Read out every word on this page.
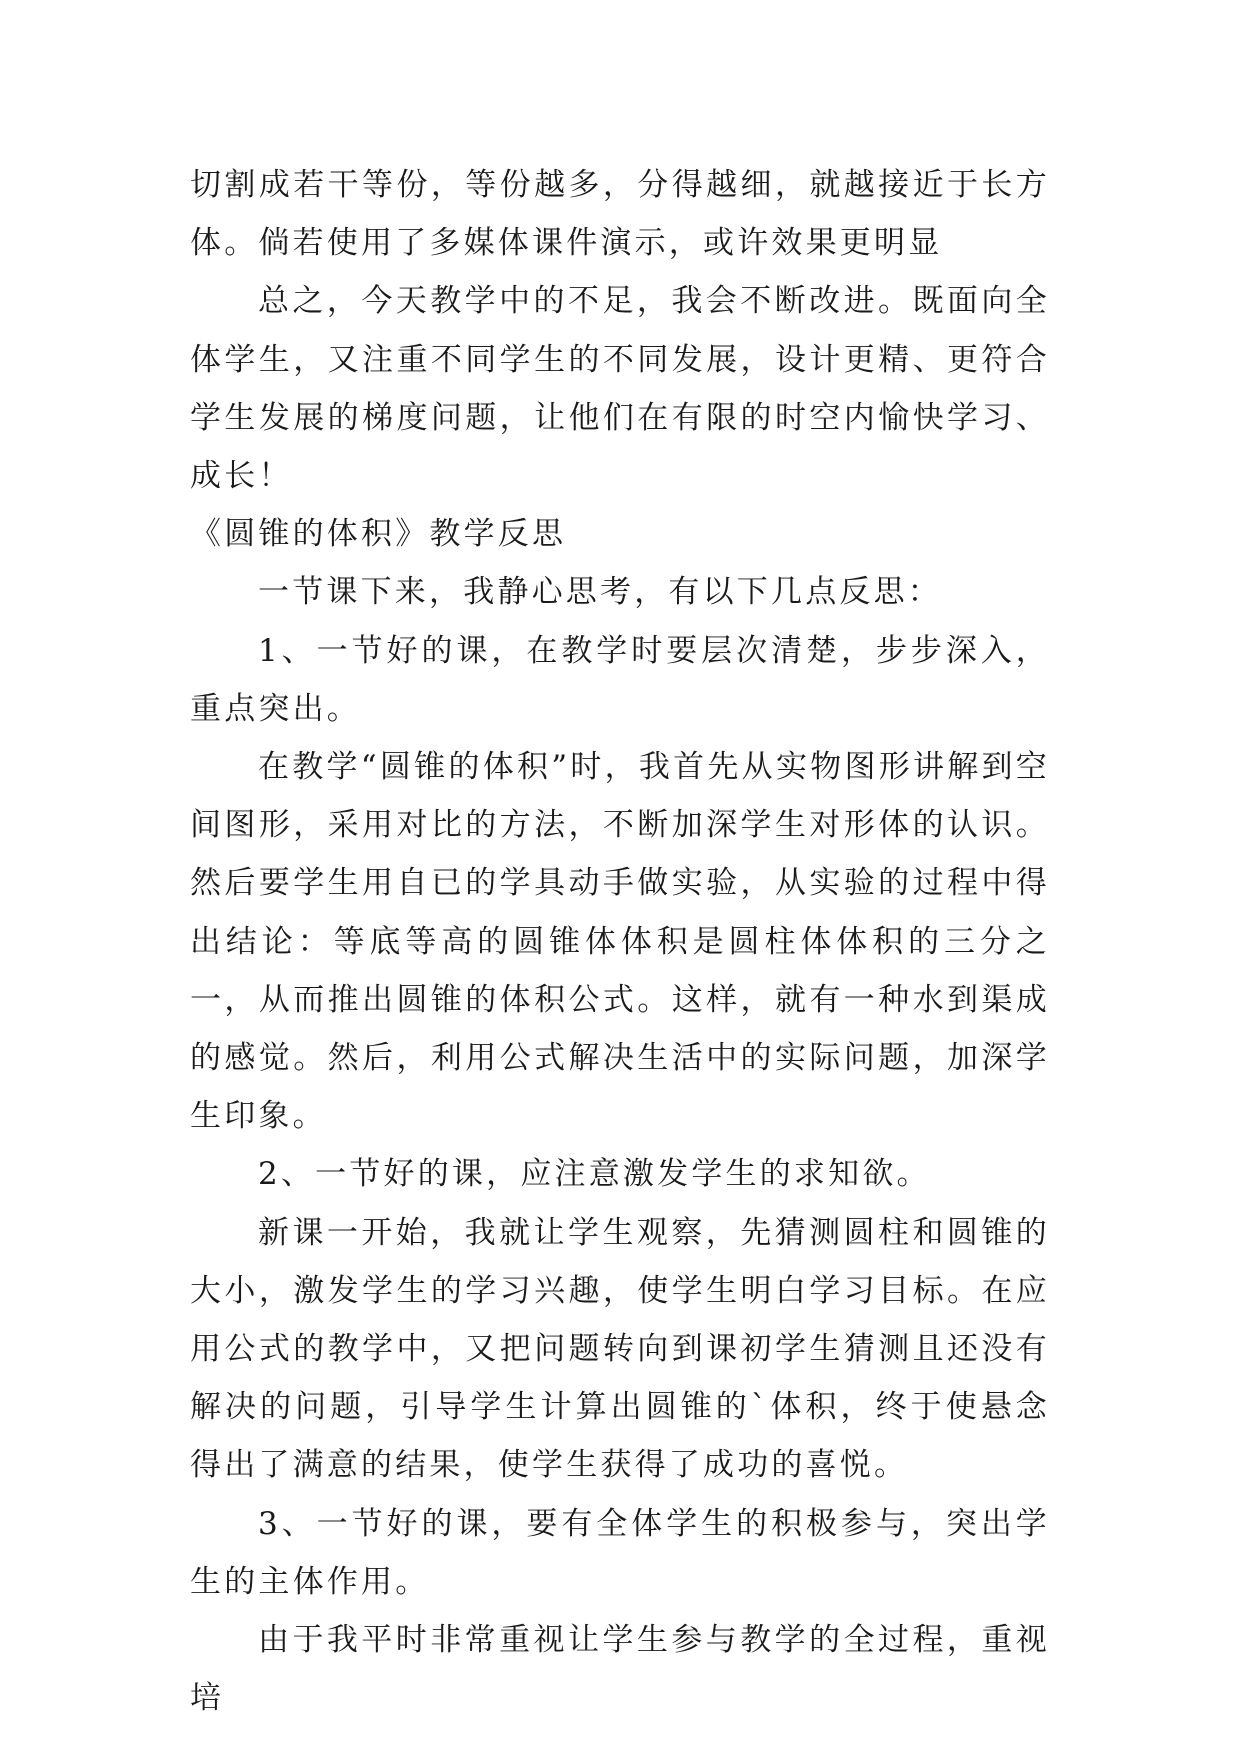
切割成若干等份，等份越多，分得越细，就越接近于长方体。倘若使用了多媒体课件演示，或许效果更明显

总之，今天教学中的不足，我会不断改进。既面向全体学生，又注重不同学生的不同发展，设计更精、更符合学生发展的梯度问题，让他们在有限的时空内愉快学习、成长！

《圆锥的体积》教学反思

一节课下来，我静心思考，有以下几点反思：

1、一节好的课，在教学时要层次清楚，步步深入，重点突出。

在教学“圆锥的体积”时，我首先从实物图形讲解到空间图形，采用对比的方法，不断加深学生对形体的认识。然后要学生用自已的学具动手做实验，从实验的过程中得出结论：等底等高的圆锥体体积是圆柱体体积的三分之一，从而推出圆锥的体积公式。这样，就有一种水到渠成的感觉。然后，利用公式解决生活中的实际问题，加深学生印象。

2、一节好的课，应注意激发学生的求知欲。

新课一开始，我就让学生观察，先猜测圆柱和圆锥的大小，激发学生的学习兴趣，使学生明白学习目标。在应用公式的教学中，又把问题转向到课初学生猜测且还没有解决的问题，引导学生计算出圆锥的`体积，终于使悬念得出了满意的结果，使学生获得了成功的喜悦。

3、一节好的课，要有全体学生的积极参与，突出学生的主体作用。

由于我平时非常重视让学生参与教学的全过程，重视培
